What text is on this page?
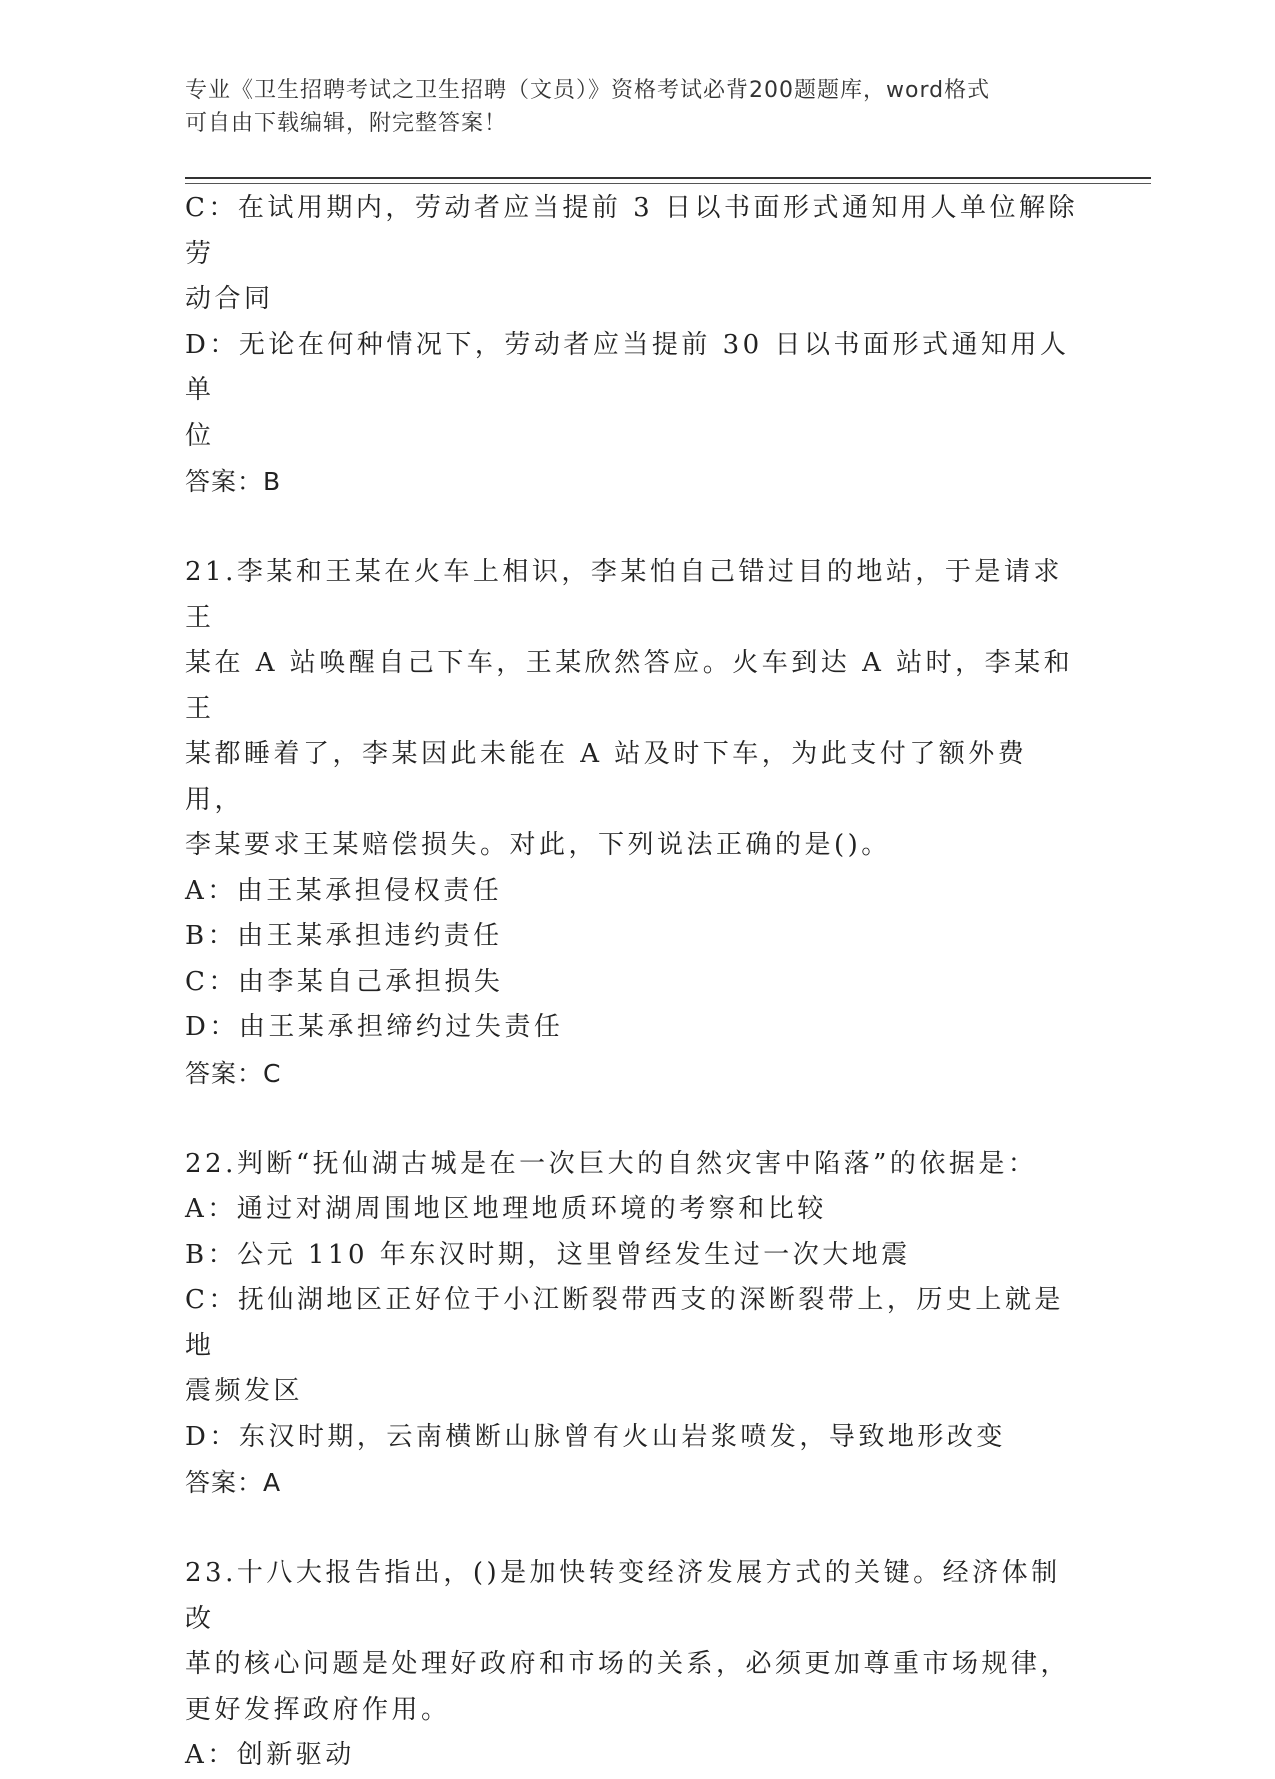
专业《卫生招聘考试之卫生招聘（文员）》资格考试必背200题题库，word格式
可自由下载编辑，附完整答案！

C：在试用期内，劳动者应当提前 3 日以书面形式通知用人单位解除劳

动合同

D：无论在何种情况下，劳动者应当提前 30 日以书面形式通知用人单

位

答案：B

21.李某和王某在火车上相识，李某怕自己错过目的地站，于是请求王

某在 A 站唤醒自己下车，王某欣然答应。火车到达 A 站时，李某和王

某都睡着了，李某因此未能在 A 站及时下车，为此支付了额外费用，

李某要求王某赔偿损失。对此，下列说法正确的是()。

A：由王某承担侵权责任

B：由王某承担违约责任

C：由李某自己承担损失

D：由王某承担缔约过失责任

答案：C

22.判断“抚仙湖古城是在一次巨大的自然灾害中陷落”的依据是：

A：通过对湖周围地区地理地质环境的考察和比较

B：公元 110 年东汉时期，这里曾经发生过一次大地震

C：抚仙湖地区正好位于小江断裂带西支的深断裂带上，历史上就是地

震频发区

D：东汉时期，云南横断山脉曾有火山岩浆喷发，导致地形改变

答案：A

23.十八大报告指出，()是加快转变经济发展方式的关键。经济体制改

革的核心问题是处理好政府和市场的关系，必须更加尊重市场规律，

更好发挥政府作用。

A：创新驱动
